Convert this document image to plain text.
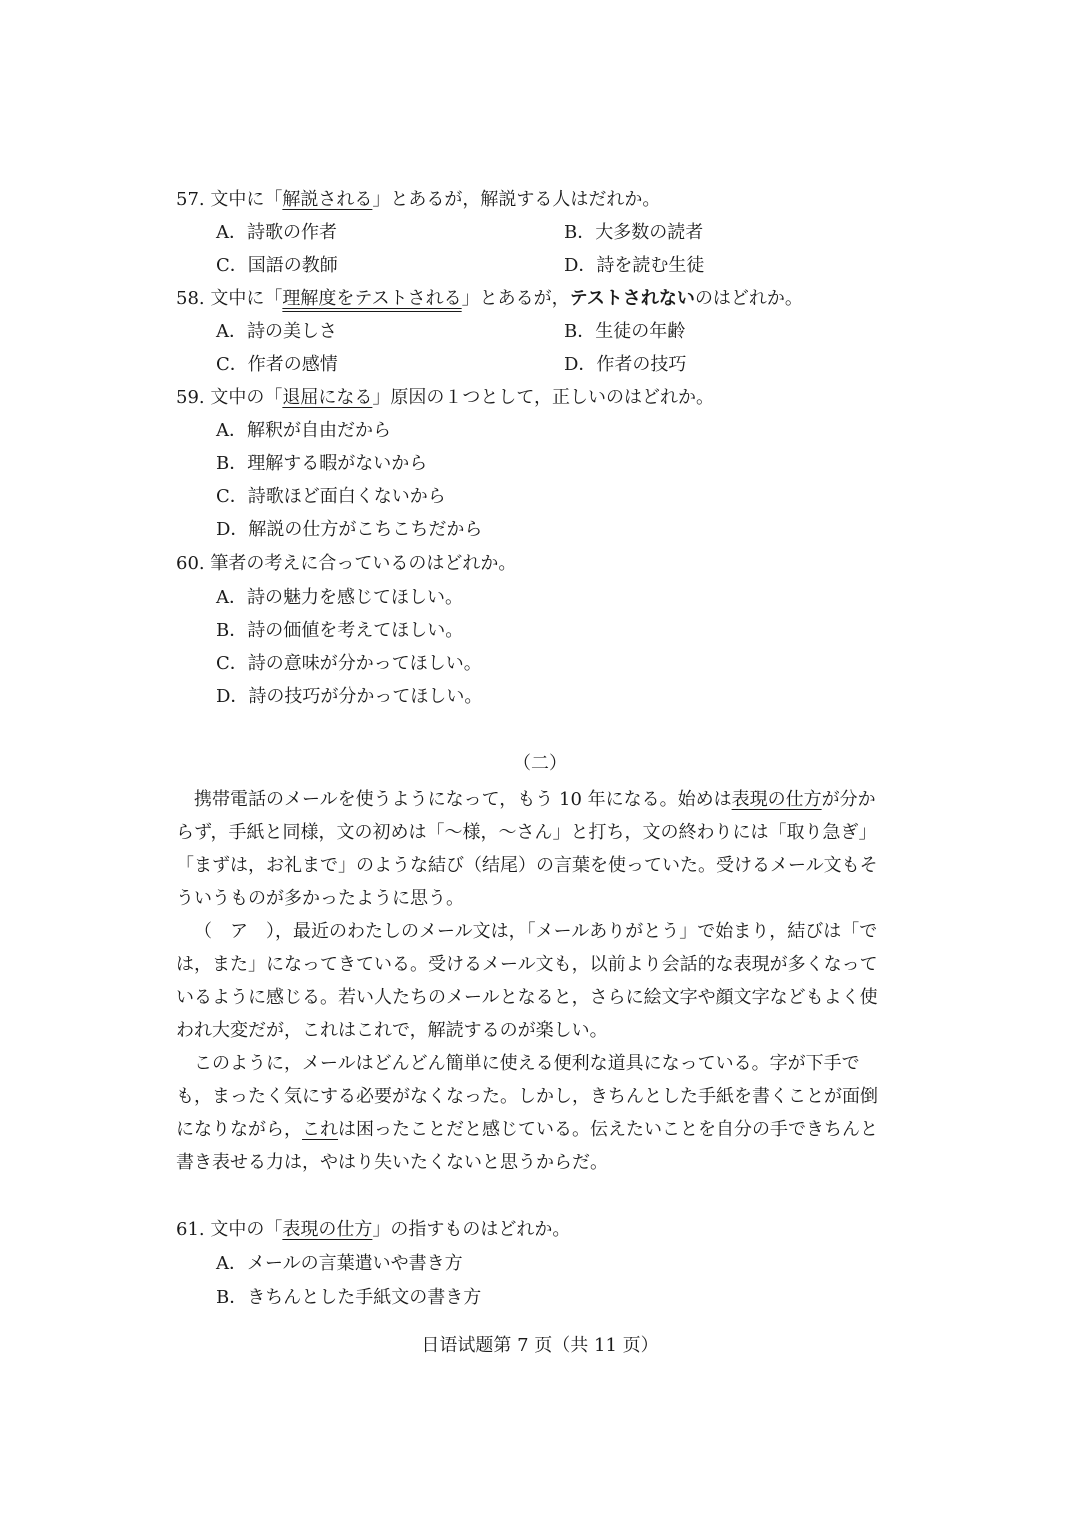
57. 文中に「解説される」とあるが，解説する人はだれか。
A．詩歌の作者	B．大多数の読者
C．国語の教師	D．詩を読む生徒
58. 文中に「理解度をテストされる」とあるが，テストされないのはどれか。
A．詩の美しさ	B．生徒の年齢
C．作者の感情	D．作者の技巧
59. 文中の「退屈になる」原因の１つとして，正しいのはどれか。
A．解釈が自由だから
B．理解する暇がないから
C．詩歌ほど面白くないから
D．解説の仕方がこちこちだから
60. 筆者の考えに合っているのはどれか。
A．詩の魅力を感じてほしい。
B．詩の価値を考えてほしい。
C．詩の意味が分かってほしい。
D．詩の技巧が分かってほしい。
（二）
携帯電話のメールを使うようになって，もう 10 年になる。始めは表現の仕方が分からず，手紙と同様，文の初めは「～様，～さん」と打ち，文の終わりには「取り急ぎ」「まずは，お礼まで」のような結び（结尾）の言葉を使っていた。受けるメール文もそういうものが多かったように思う。
（　ア　），最近のわたしのメール文は，「メールありがとう」で始まり，結びは「では，また」になってきている。受けるメール文も，以前より会話的な表現が多くなっているように感じる。若い人たちのメールとなると，さらに絵文字や顔文字などもよく使われ大変だが，これはこれで，解読するのが楽しい。
このように，メールはどんどん簡単に使える便利な道具になっている。字が下手でも，まったく気にする必要がなくなった。しかし，きちんとした手紙を書くことが面倒になりながら，これは困ったことだと感じている。伝えたいことを自分の手できちんと書き表せる力は，やはり失いたくないと思うからだ。
61. 文中の「表現の仕方」の指すものはどれか。
A．メールの言葉遣いや書き方
B．きちんとした手紙文の書き方
日语试题第 7 页（共 11 页）
